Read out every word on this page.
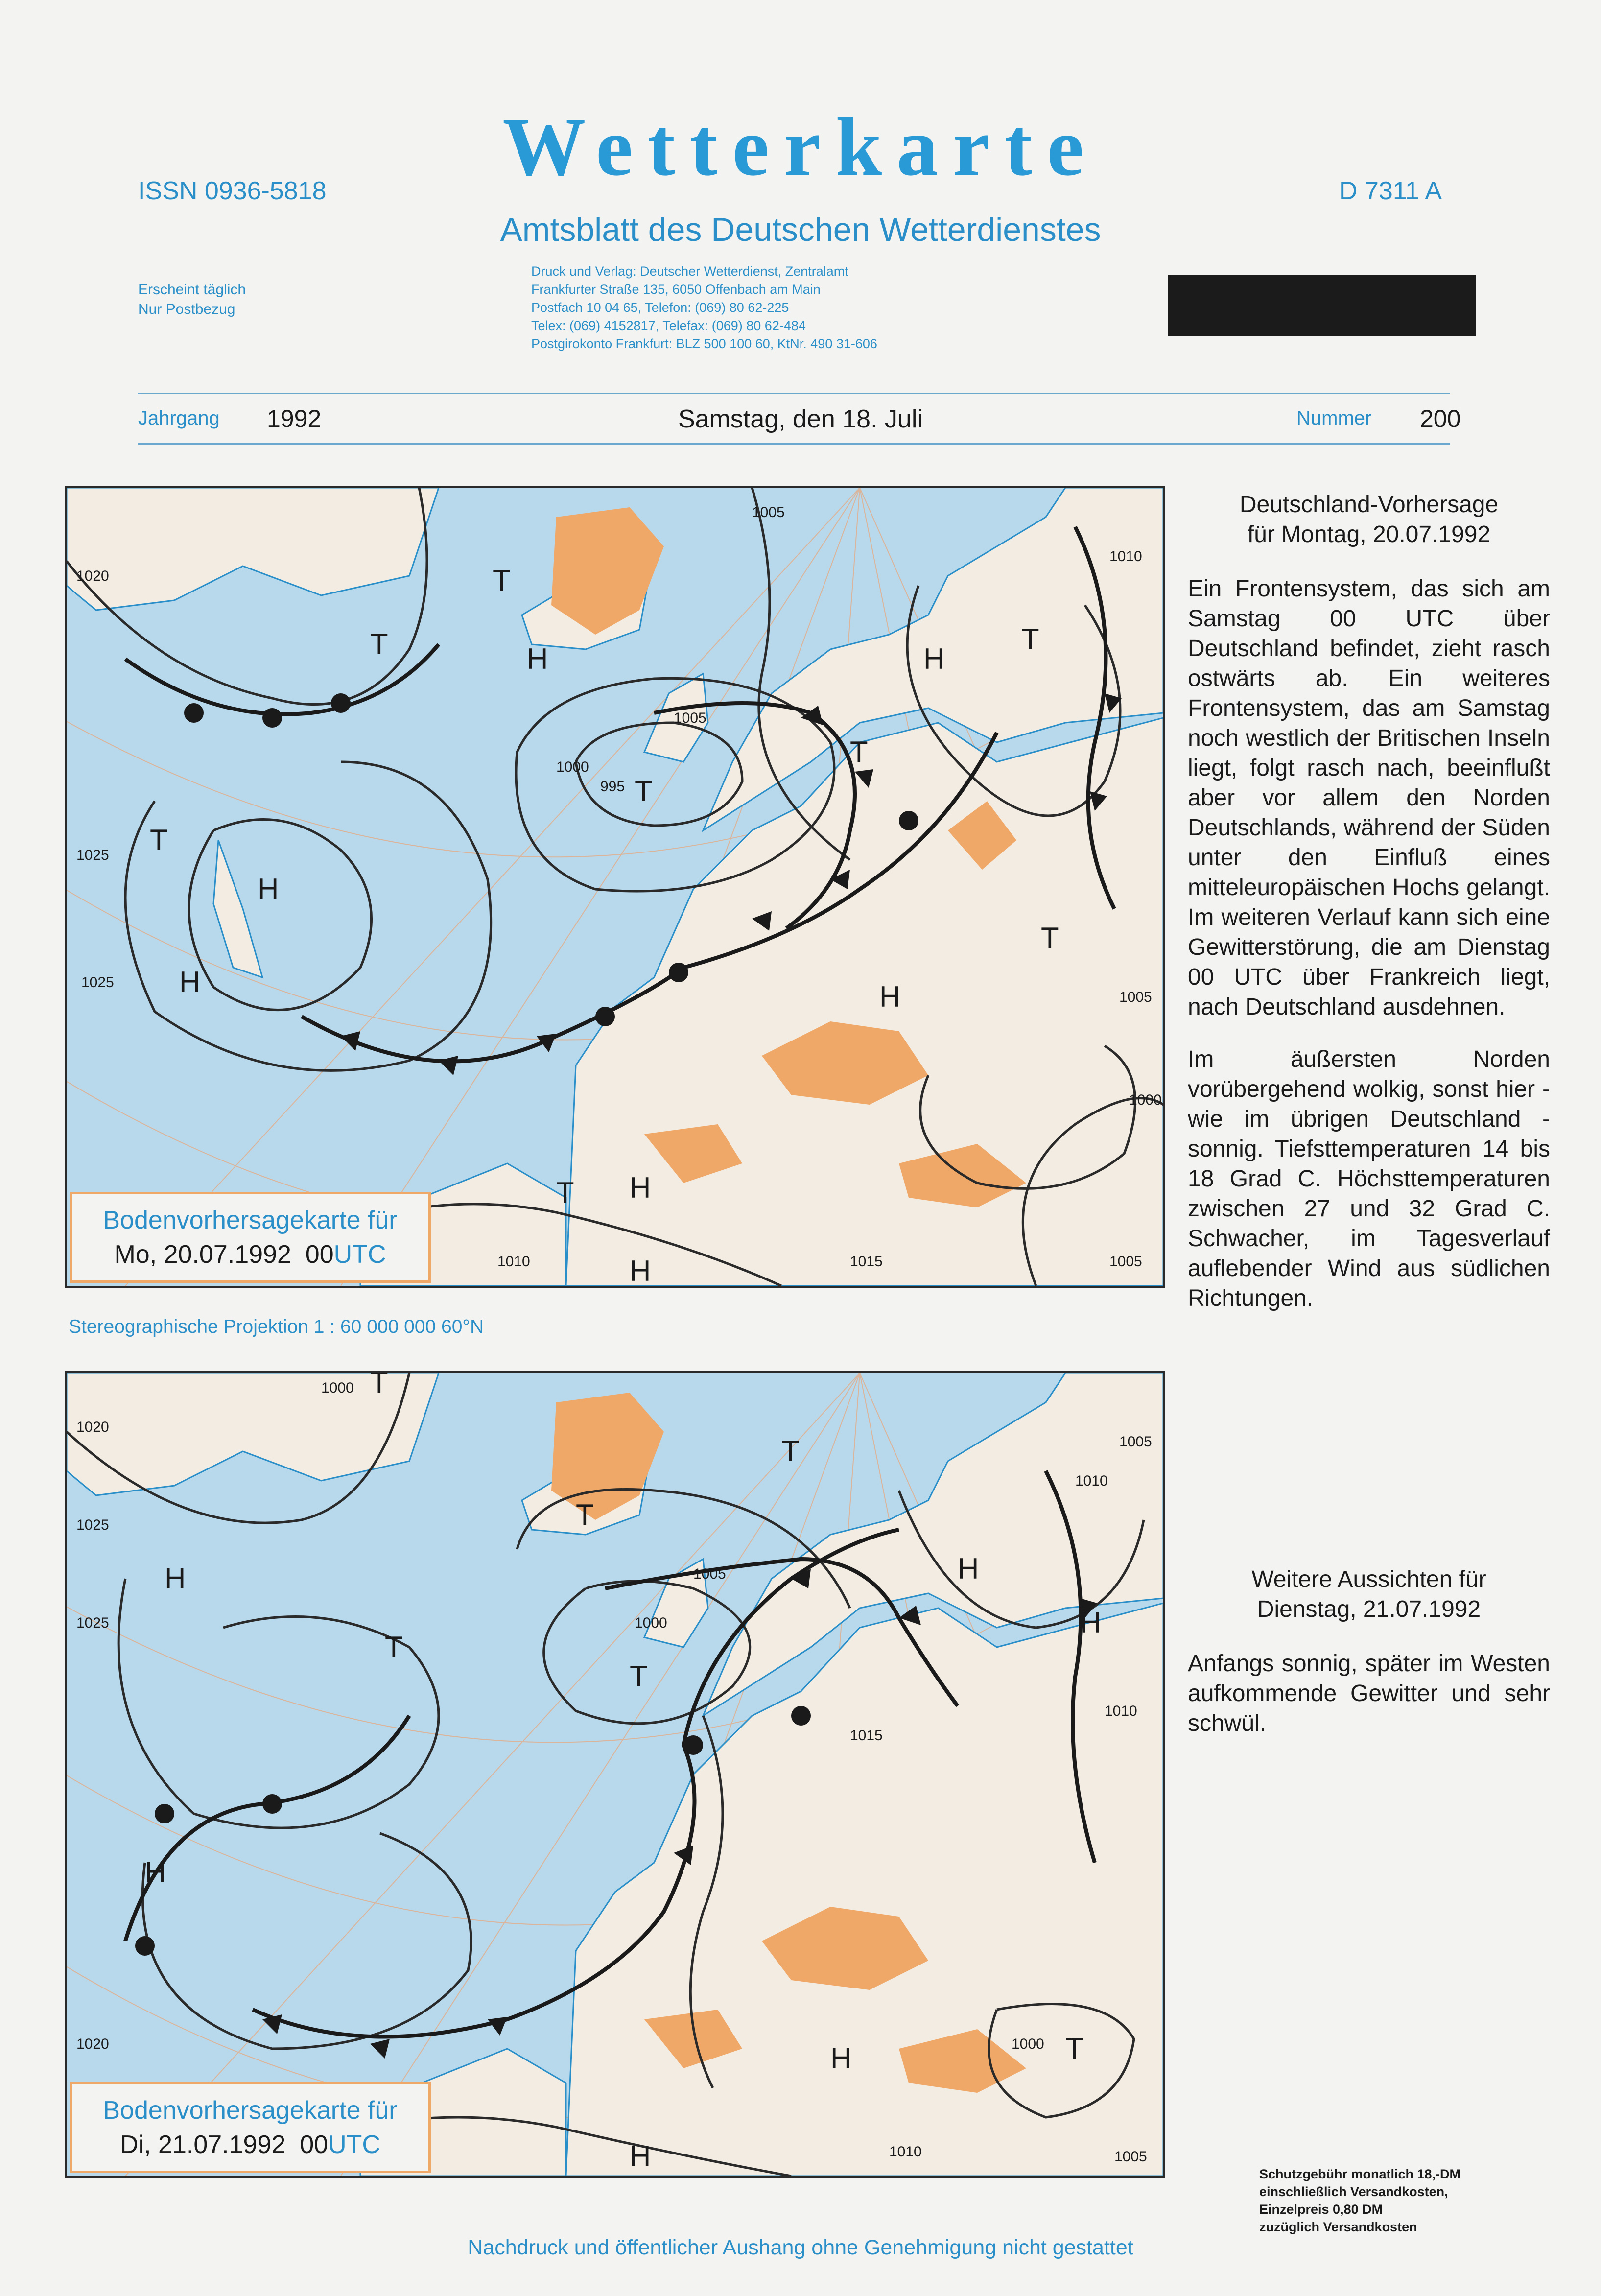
Wetterkarte
ISSN 0936-5818	D 7311 A
Amtsblatt des Deutschen Wetterdienstes
Erscheint täglich
Nur Postbezug
Druck und Verlag: Deutscher Wetterdienst, Zentralamt
Frankfurter Straße 135, 6050 Offenbach am Main
Postfach 10 04 65, Telefon: (069) 80 62-225
Telex: (069) 4152817, Telefax: (069) 80 62-484
Postgirokonto Frankfurt: BLZ 500 100 60, KtNr. 490 31-606
Jahrgang 1992	Samstag, den 18. Juli	Nummer 200
H
H
H
H
H
H
H
T
T
T
T
T
T
T
T
1020
1025
1025
1005
1000
995
1005
1010
1005
1000
1010	1015	1005
Bodenvorhersagekarte für
Mo, 20.07.1992 00UTC
Stereographische Projektion 1 : 60 000 000 60°N
H
H
H
H
H
H
T
T
T
T
T
T
1020
1025
1025
1000
1005
1000
1015
1010
1005
1010
1000
1005
1020
1010
Bodenvorhersagekarte für
Di, 21.07.1992 00UTC
Deutschland-Vorhersage
für Montag, 20.07.1992
Ein Frontensystem, das sich am Samstag 00 UTC über Deutschland befindet, zieht rasch ostwärts ab. Ein weiteres Frontensystem, das am Samstag noch westlich der Britischen Inseln liegt, folgt rasch nach, beeinflußt aber vor allem den Norden Deutschlands, während der Süden unter den Einfluß eines mitteleuropäischen Hochs gelangt. Im weiteren Verlauf kann sich eine Gewitterstörung, die am Dienstag 00 UTC über Frankreich liegt, nach Deutschland ausdehnen.
Im äußersten Norden vorübergehend wolkig, sonst hier - wie im übrigen Deutschland - sonnig. Tiefsttemperaturen 14 bis 18 Grad C. Höchsttemperaturen zwischen 27 und 32 Grad C. Schwacher, im Tagesverlauf auflebender Wind aus südlichen Richtungen.
Weitere Aussichten für
Dienstag, 21.07.1992
Anfangs sonnig, später im Westen aufkommende Gewitter und sehr schwül.
Schutzgebühr monatlich 18,-DM
einschließlich Versandkosten,
Einzelpreis 0,80 DM
zuzüglich Versandkosten
Nachdruck und öffentlicher Aushang ohne Genehmigung nicht gestattet
